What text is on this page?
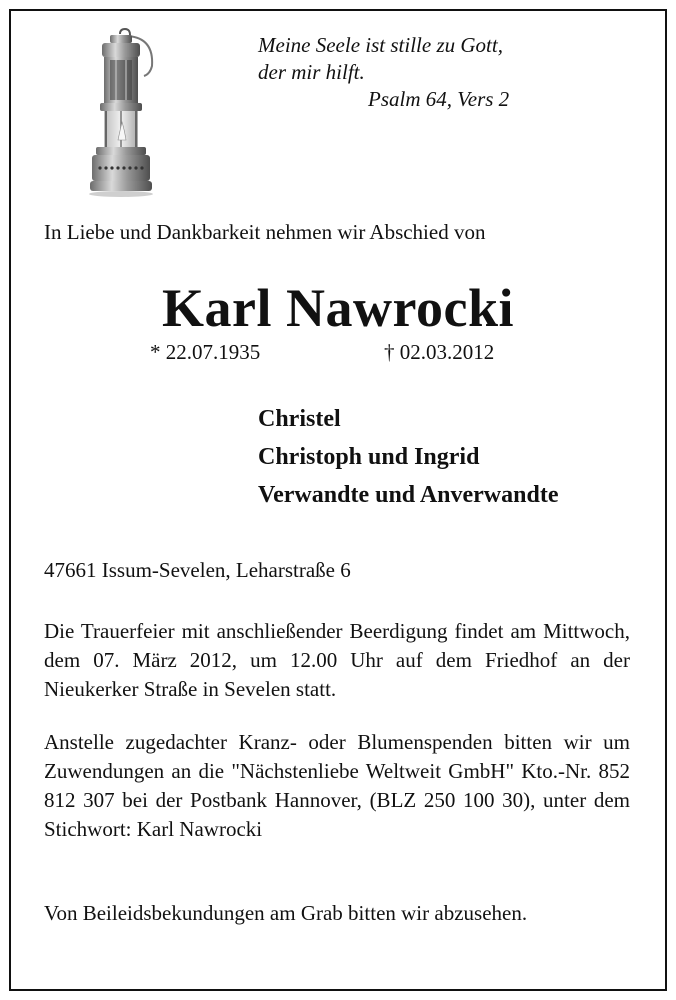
Meine Seele ist stille zu Gott,
der mir hilft.
Psalm 64, Vers 2
In Liebe und Dankbarkeit nehmen wir Abschied von
Karl Nawrocki
* 22.07.1935	† 02.03.2012
Christel
Christoph und Ingrid
Verwandte und Anverwandte
47661 Issum-Sevelen, Leharstraße 6
Die Trauerfeier mit anschließender Beerdigung findet am Mittwoch, dem 07. März 2012, um 12.00 Uhr auf dem Friedhof an der Nieukerker Straße in Sevelen statt.
Anstelle zugedachter Kranz- oder Blumenspenden bitten wir um Zuwendungen an die "Nächstenliebe Weltweit GmbH" Kto.-Nr. 852 812 307 bei der Postbank Hannover, (BLZ 250 100 30), unter dem Stichwort: Karl Nawrocki
Von Beileidsbekundungen am Grab bitten wir abzusehen.
